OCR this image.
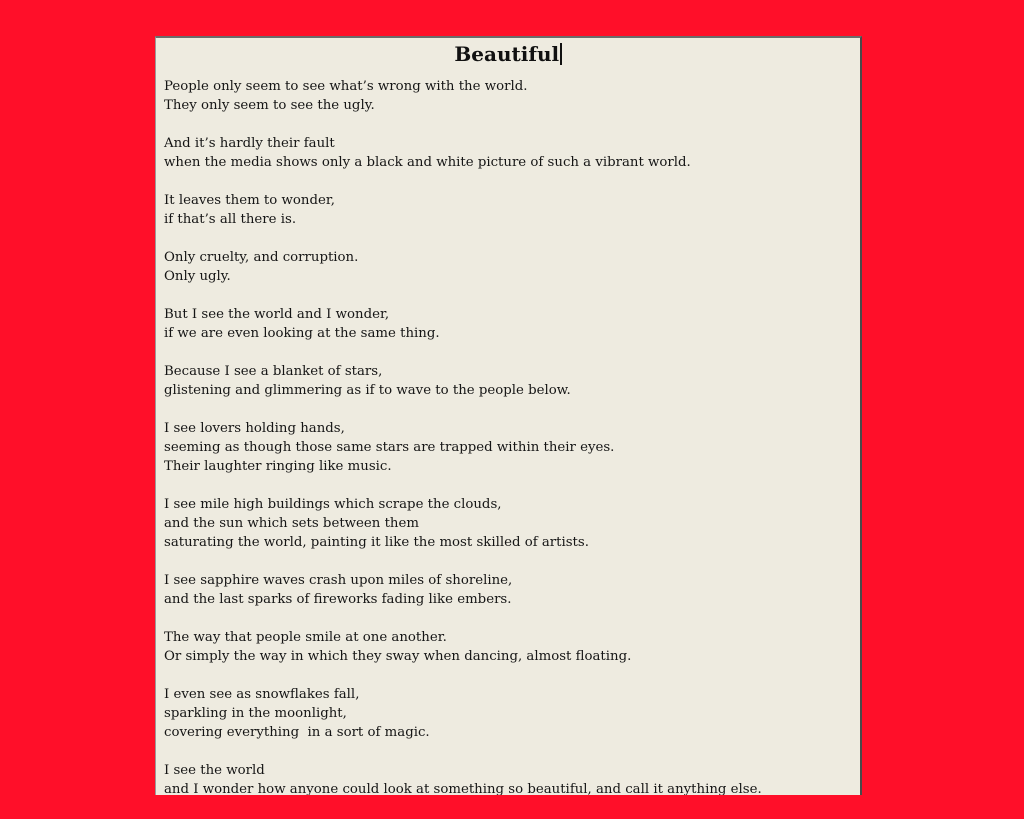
Beautiful
People only seem to see what’s wrong with the world.
They only seem to see the ugly.
And it’s hardly their fault
when the media shows only a black and white picture of such a vibrant world.
It leaves them to wonder,
if that’s all there is.
Only cruelty, and corruption.
Only ugly.
But I see the world and I wonder,
if we are even looking at the same thing.
Because I see a blanket of stars,
glistening and glimmering as if to wave to the people below.
I see lovers holding hands,
seeming as though those same stars are trapped within their eyes.
Their laughter ringing like music.
I see mile high buildings which scrape the clouds,
and the sun which sets between them
saturating the world, painting it like the most skilled of artists.
I see sapphire waves crash upon miles of shoreline,
and the last sparks of fireworks fading like embers.
The way that people smile at one another.
Or simply the way in which they sway when dancing, almost floating.
I even see as snowflakes fall,
sparkling in the moonlight,
covering everything  in a sort of magic.
I see the world
and I wonder how anyone could look at something so beautiful, and call it anything else.
